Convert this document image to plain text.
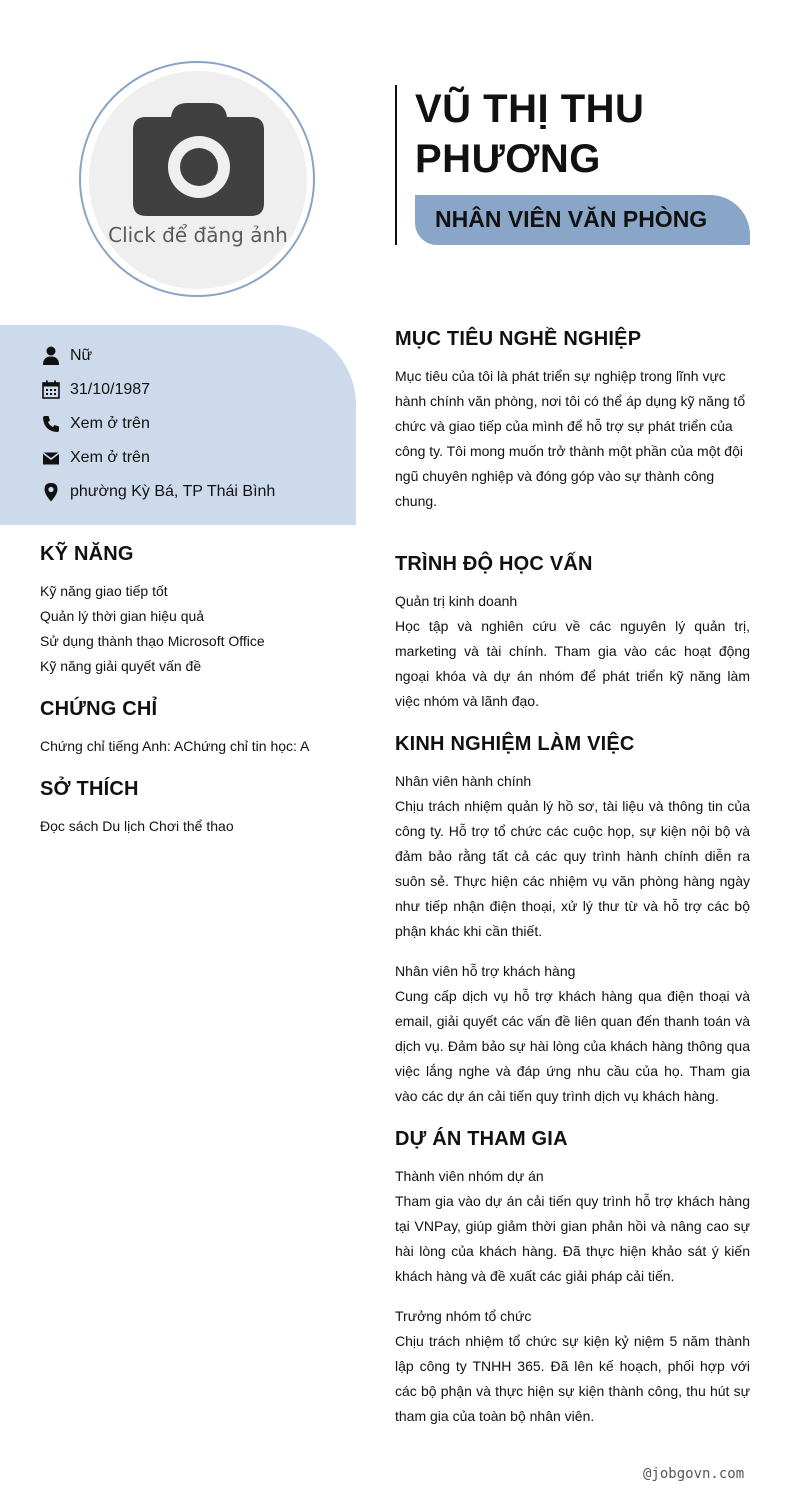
Click để đăng ảnh
VŨ THỊ THU
PHƯƠNG
NHÂN VIÊN VĂN PHÒNG
Nữ
31/10/1987
Xem ở trên
Xem ở trên
phường Kỳ Bá, TP Thái Bình
KỸ NĂNG
Kỹ năng giao tiếp tốt
Quản lý thời gian hiệu quả
Sử dụng thành thạo Microsoft Office
Kỹ năng giải quyết vấn đề
CHỨNG CHỈ
Chứng chỉ tiếng Anh: AChứng chỉ tin học: A
SỞ THÍCH
Đọc sách Du lịch Chơi thể thao
MỤC TIÊU NGHỀ NGHIỆP
Mục tiêu của tôi là phát triển sự nghiệp trong lĩnh vực hành chính văn phòng, nơi tôi có thể áp dụng kỹ năng tổ chức và giao tiếp của mình để hỗ trợ sự phát triển của công ty. Tôi mong muốn trở thành một phần của một đội ngũ chuyên nghiệp và đóng góp vào sự thành công chung.
TRÌNH ĐỘ HỌC VẤN
Quản trị kinh doanh
Học tập và nghiên cứu về các nguyên lý quản trị, marketing và tài chính. Tham gia vào các hoạt động ngoại khóa và dự án nhóm để phát triển kỹ năng làm việc nhóm và lãnh đạo.
KINH NGHIỆM LÀM VIỆC
Nhân viên hành chính
Chịu trách nhiệm quản lý hồ sơ, tài liệu và thông tin của công ty. Hỗ trợ tổ chức các cuộc họp, sự kiện nội bộ và đảm bảo rằng tất cả các quy trình hành chính diễn ra suôn sẻ. Thực hiện các nhiệm vụ văn phòng hàng ngày như tiếp nhận điện thoại, xử lý thư từ và hỗ trợ các bộ phận khác khi cần thiết.
Nhân viên hỗ trợ khách hàng
Cung cấp dịch vụ hỗ trợ khách hàng qua điện thoại và email, giải quyết các vấn đề liên quan đến thanh toán và dịch vụ. Đảm bảo sự hài lòng của khách hàng thông qua việc lắng nghe và đáp ứng nhu cầu của họ. Tham gia vào các dự án cải tiến quy trình dịch vụ khách hàng.
DỰ ÁN THAM GIA
Thành viên nhóm dự án
Tham gia vào dự án cải tiến quy trình hỗ trợ khách hàng tại VNPay, giúp giảm thời gian phản hồi và nâng cao sự hài lòng của khách hàng. Đã thực hiện khảo sát ý kiến khách hàng và đề xuất các giải pháp cải tiến.
Trưởng nhóm tổ chức
Chịu trách nhiệm tổ chức sự kiện kỷ niệm 5 năm thành lập công ty TNHH 365. Đã lên kế hoạch, phối hợp với các bộ phận và thực hiện sự kiện thành công, thu hút sự tham gia của toàn bộ nhân viên.
@jobgovn.com
